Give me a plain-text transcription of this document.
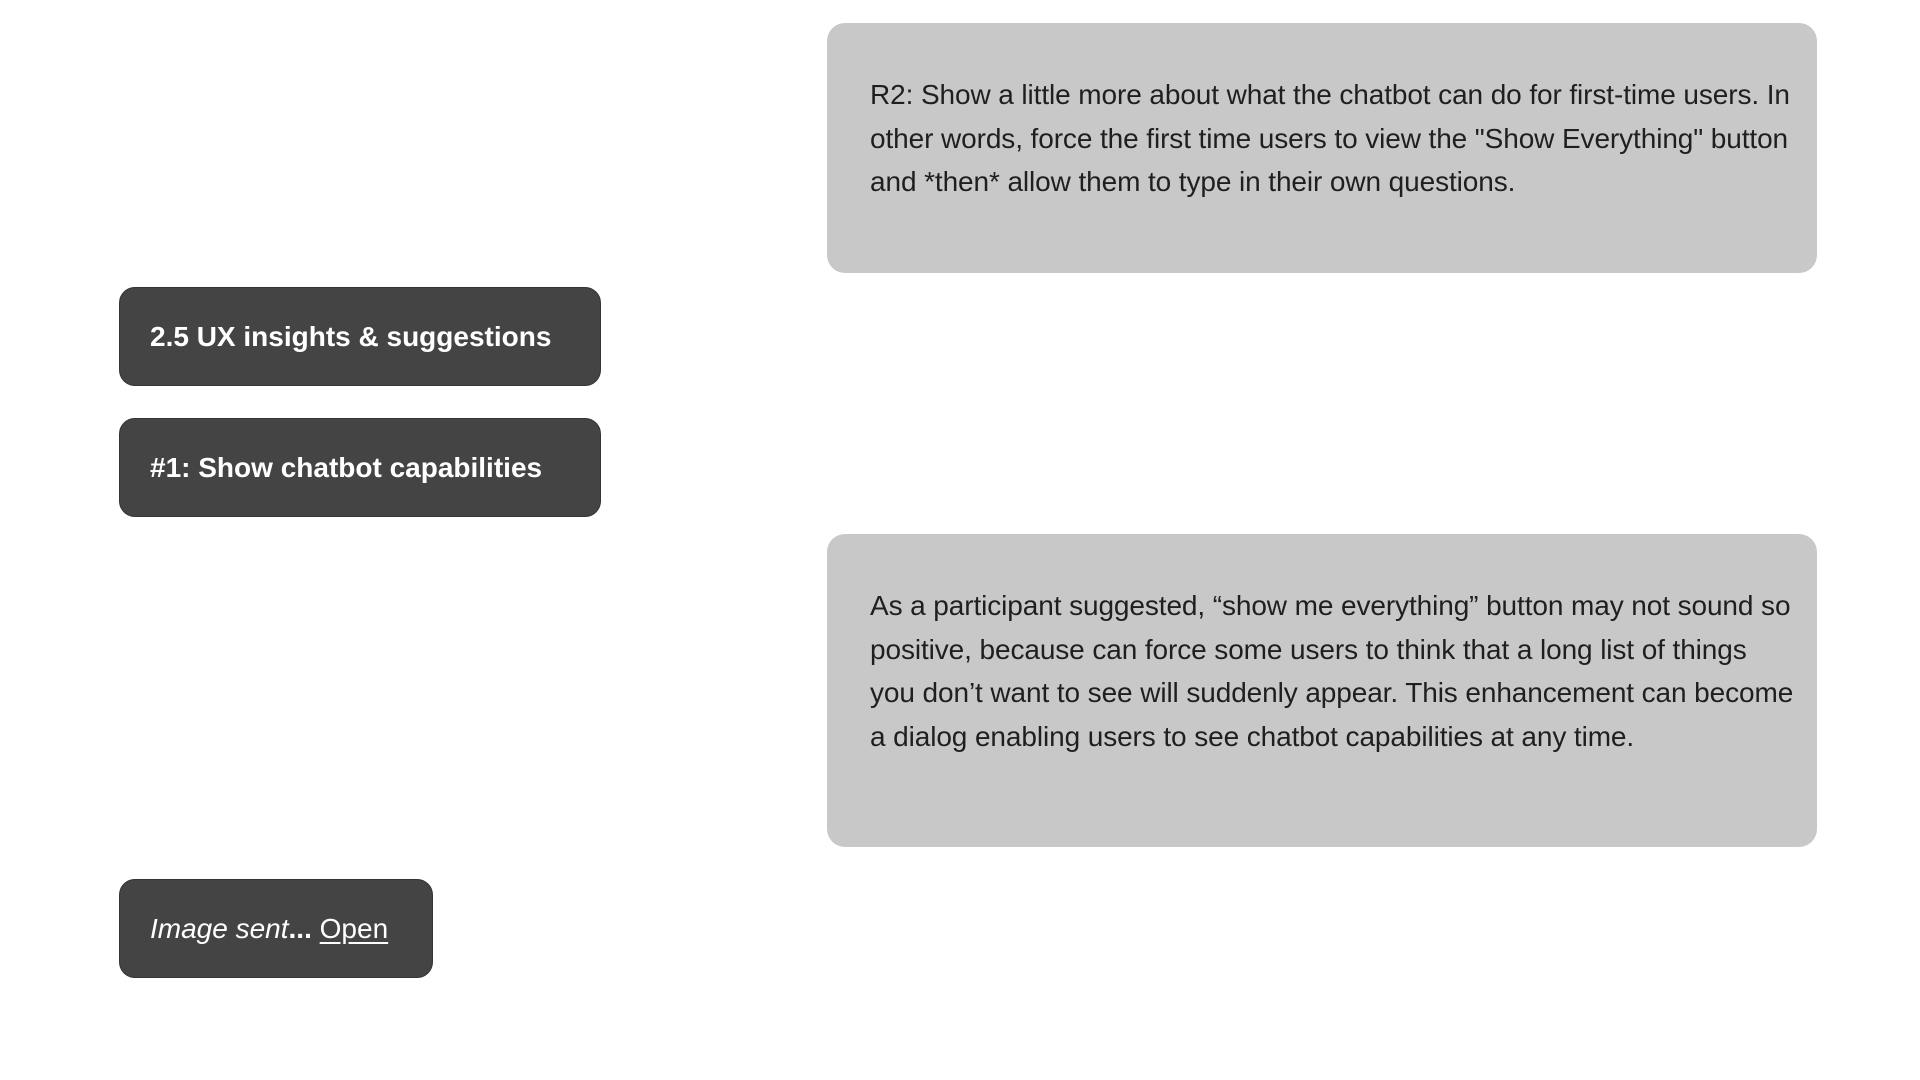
R2: Show a little more about what the chatbot can do for first-time users. In other words, force the first time users to view the "Show Everything" button and *then* allow them to type in their own questions.
2.5 UX insights & suggestions
#1: Show chatbot capabilities
As a participant suggested, “show me everything” button may not sound so positive, because can force some users to think that a long list of things you don’t want to see will suddenly appear. This enhancement can become a dialog enabling users to see chatbot capabilities at any time.
Image sent ...
Open
